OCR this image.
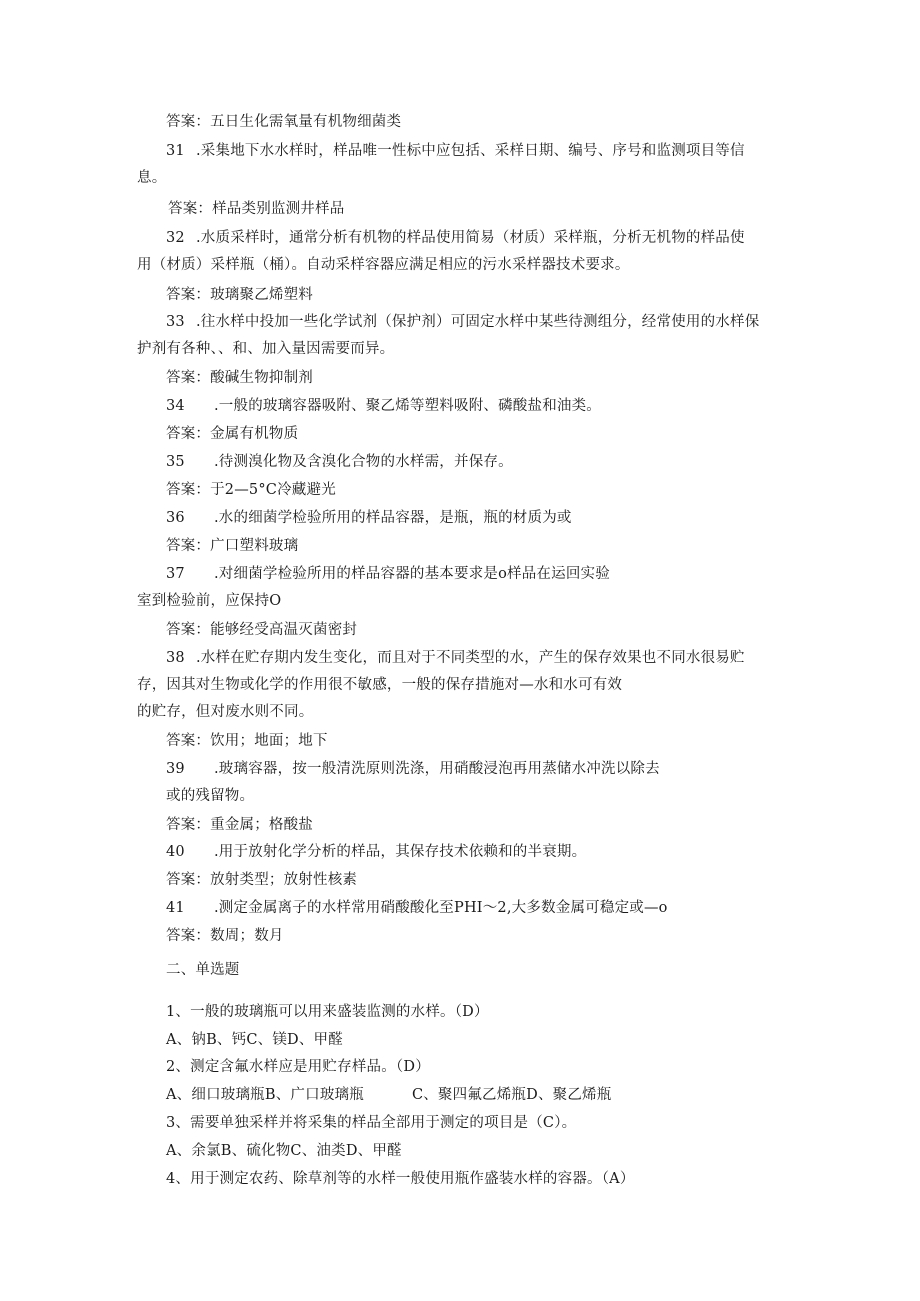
答案：五日生化需氧量有机物细菌类
31 .采集地下水水样时，样品唯一性标中应包括、采样日期、编号、序号和监测项目等信
息。
答案：样品类别监测井样品
32 .水质采样时，通常分析有机物的样品使用简易（材质）采样瓶，分析无机物的样品使
用（材质）采样瓶（桶）。自动采样容器应满足相应的污水采样器技术要求。
答案：玻璃聚乙烯塑料
33 .往水样中投加一些化学试剂（保护剂）可固定水样中某些待测组分，经常使用的水样保
护剂有各种、、和、加入量因需要而异。
答案：酸碱生物抑制剂
34 .一般的玻璃容器吸附、聚乙烯等塑料吸附、磷酸盐和油类。
答案：金属有机物质
35 .待测溴化物及含溴化合物的水样需，并保存。
答案：于2—5°C冷藏避光
36 .水的细菌学检验所用的样品容器，是瓶，瓶的材质为或
答案：广口塑料玻璃
37 .对细菌学检验所用的样品容器的基本要求是o样品在运回实验
室到检验前，应保持O
答案：能够经受高温灭菌密封
38 .水样在贮存期内发生变化，而且对于不同类型的水，产生的保存效果也不同水很易贮
存，因其对生物或化学的作用很不敏感，一般的保存措施对—水和水可有效
的贮存，但对废水则不同。
答案：饮用；地面；地下
39 .玻璃容器，按一般清洗原则洗涤，用硝酸浸泡再用蒸储水冲洗以除去
或的残留物。
答案：重金属；格酸盐
40 .用于放射化学分析的样品，其保存技术依赖和的半衰期。
答案：放射类型；放射性核素
41 .测定金属离子的水样常用硝酸酸化至PHI～2,大多数金属可稳定或—o
答案：数周；数月
二、单选题
1、一般的玻璃瓶可以用来盛装监测的水样。（D）
A、钠B、钙C、镁D、甲醛
2、测定含氟水样应是用贮存样品。（D）
A、细口玻璃瓶B、广口玻璃瓶	C、聚四氟乙烯瓶D、聚乙烯瓶
3、需要单独采样并将采集的样品全部用于测定的项目是（C）。
A、余氯B、硫化物C、油类D、甲醛
4、用于测定农药、除草剂等的水样一般使用瓶作盛装水样的容器。（A）
